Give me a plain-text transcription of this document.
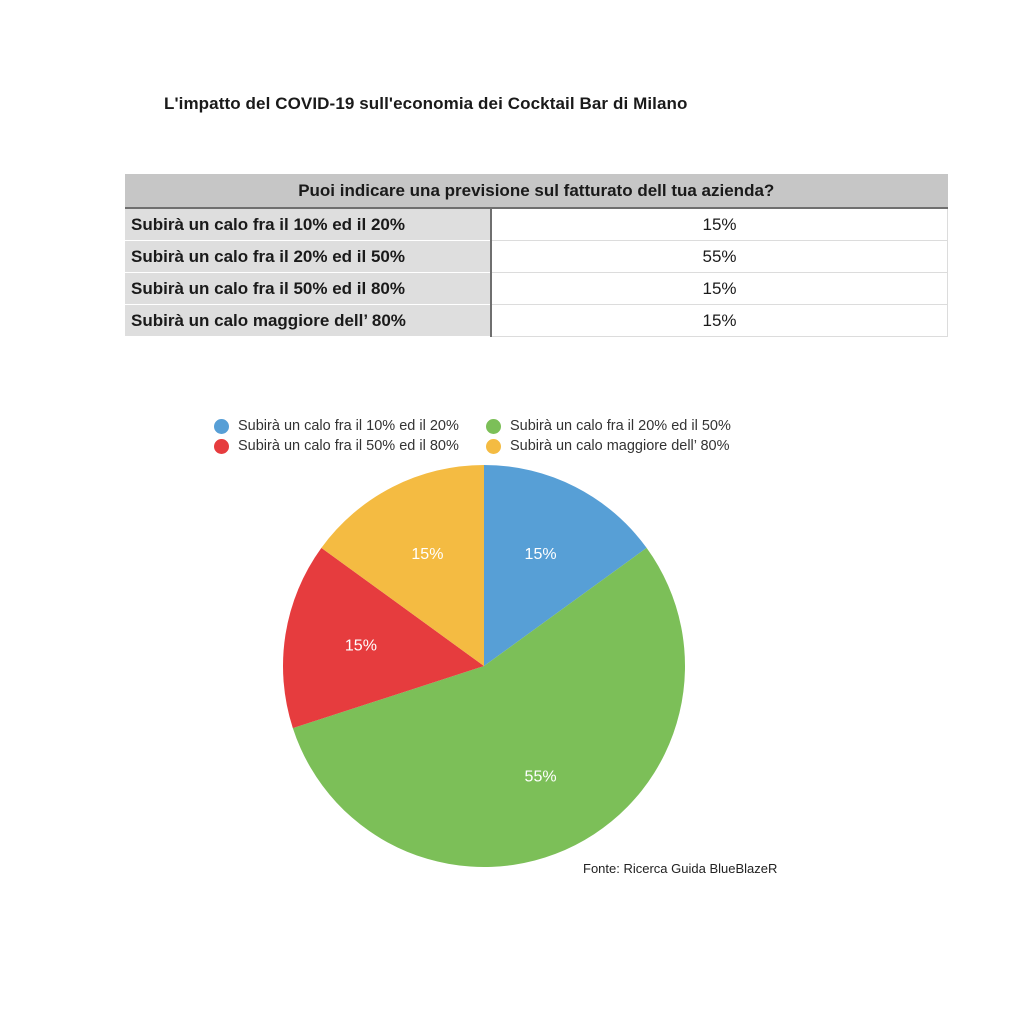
L'impatto del COVID-19 sull'economia dei Cocktail Bar di Milano
Puoi indicare una previsione sul fatturato dell tua azienda?	
Subirà un calo fra il 10% ed il 20%	15%
Subirà un calo fra il 20% ed il 50%	55%
Subirà un calo fra il 50% ed il 80%	15%
Subirà un calo maggiore dell’ 80%	15%
Subirà un calo fra il 10% ed il 20%	Subirà un calo fra il 20% ed il 50%
Subirà un calo fra il 50% ed il 80%	Subirà un calo maggiore dell’ 80%
15%
55%
15%
15%
Fonte: Ricerca Guida BlueBlazeR
